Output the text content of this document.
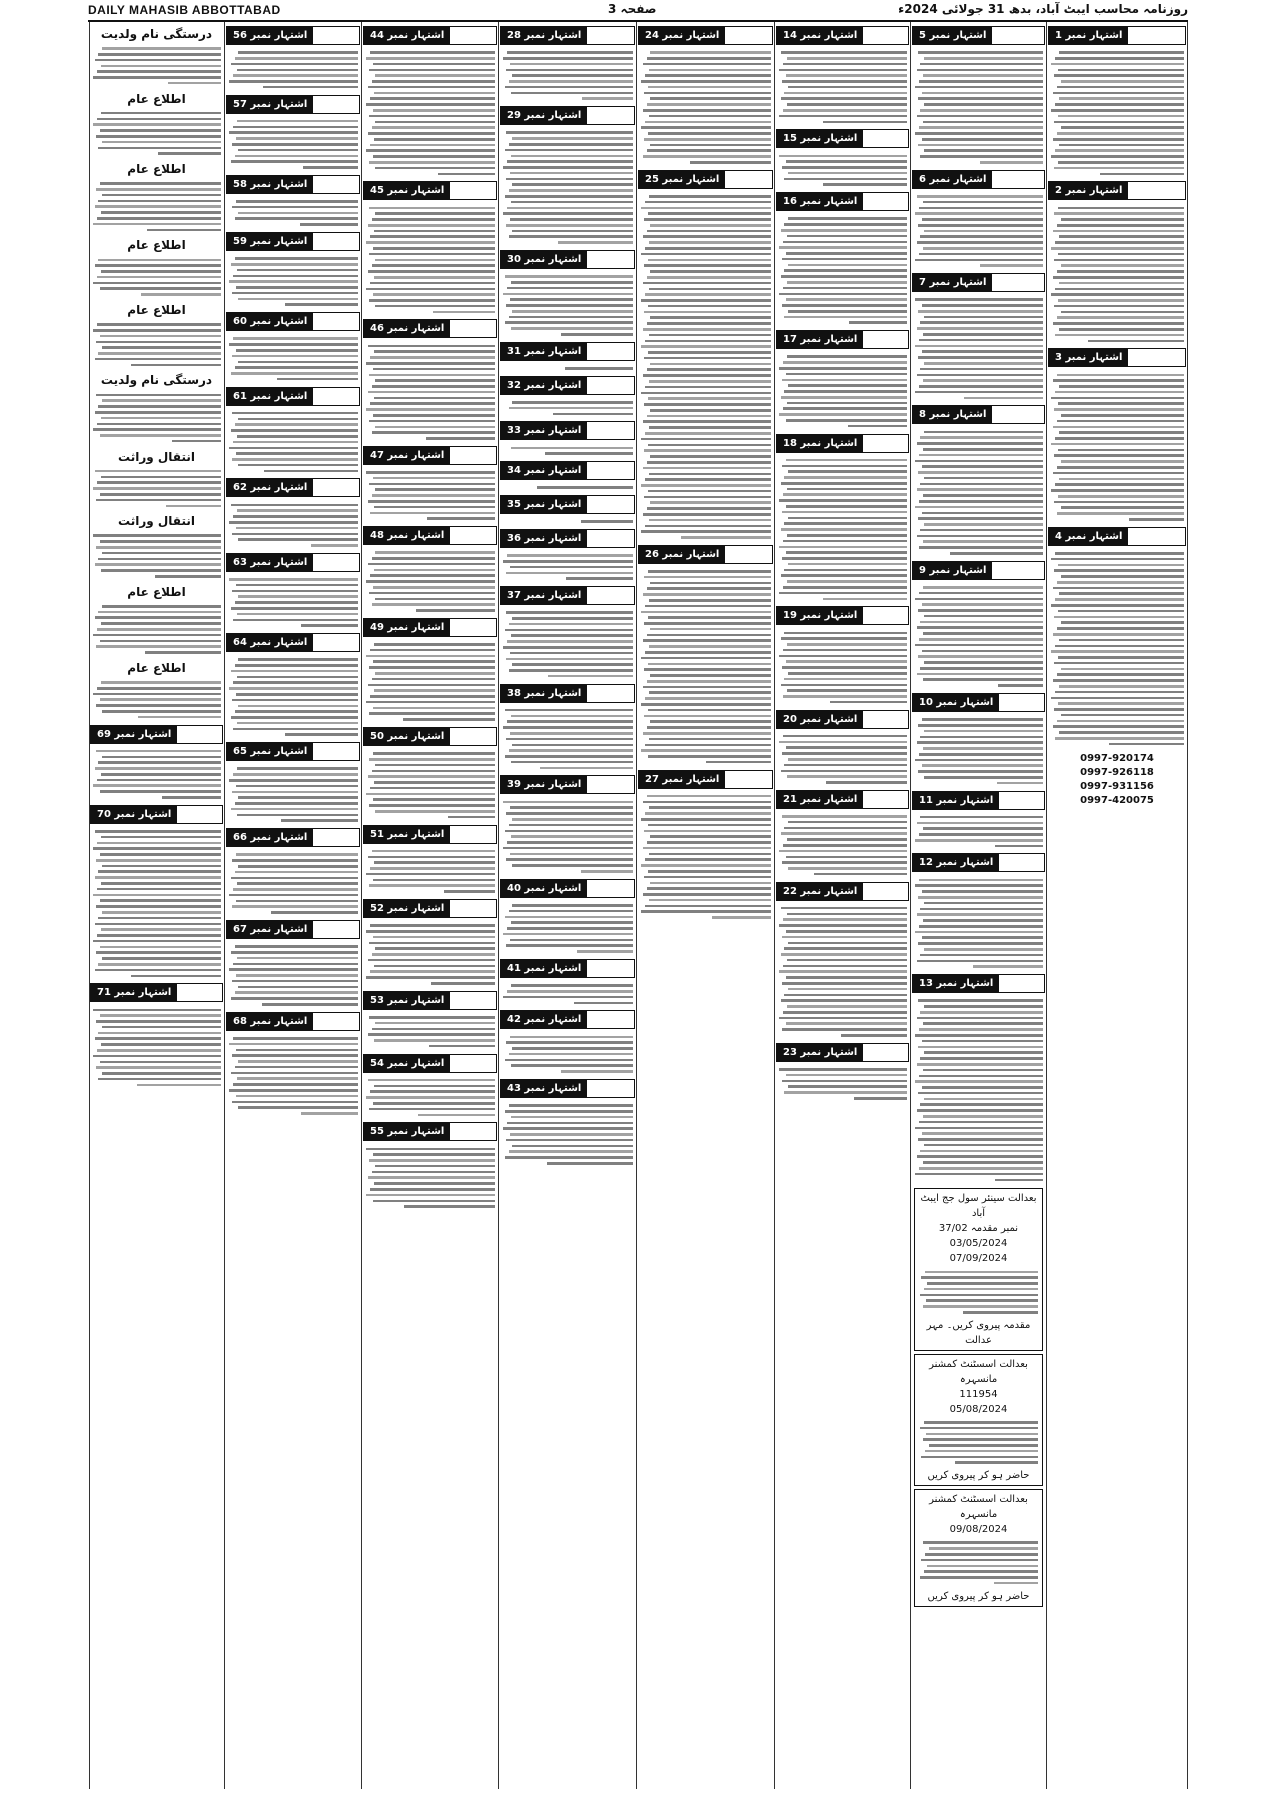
DAILY MAHASIB ABBOTTABAD	صفحہ 3	روزنامہ محاسب ایبٹ آباد، بدھ 31 جولائی 2024ء
اشتہار نمبر 1
اشتہار نمبر 2
اشتہار نمبر 3
اشتہار نمبر 4
0997-920174
0997-926118
0997-931156
0997-420075
اشتہار نمبر 5
اشتہار نمبر 6
اشتہار نمبر 7
اشتہار نمبر 8
اشتہار نمبر 9
اشتہار نمبر 10
اشتہار نمبر 11
اشتہار نمبر 12
اشتہار نمبر 13
بعدالت سینئر سول جج ایبٹ آباد
نمبر مقدمہ 37/02
03/05/2024
07/09/2024
مقدمہ پیروی کریں۔ مہر عدالت
بعدالت اسسٹنٹ کمشنر مانسہرہ
111954
05/08/2024
حاضر ہو کر پیروی کریں
بعدالت اسسٹنٹ کمشنر مانسہرہ
09/08/2024
حاضر ہو کر پیروی کریں
اشتہار نمبر 14
اشتہار نمبر 15
اشتہار نمبر 16
اشتہار نمبر 17
اشتہار نمبر 18
اشتہار نمبر 19
اشتہار نمبر 20
اشتہار نمبر 21
اشتہار نمبر 22
اشتہار نمبر 23
اشتہار نمبر 24
اشتہار نمبر 25
اشتہار نمبر 26
اشتہار نمبر 27
اشتہار نمبر 28
اشتہار نمبر 29
اشتہار نمبر 30
اشتہار نمبر 31
اشتہار نمبر 32
اشتہار نمبر 33
اشتہار نمبر 34
اشتہار نمبر 35
اشتہار نمبر 36
اشتہار نمبر 37
اشتہار نمبر 38
اشتہار نمبر 39
اشتہار نمبر 40
اشتہار نمبر 41
اشتہار نمبر 42
اشتہار نمبر 43
اشتہار نمبر 44
اشتہار نمبر 45
اشتہار نمبر 46
اشتہار نمبر 47
اشتہار نمبر 48
اشتہار نمبر 49
اشتہار نمبر 50
اشتہار نمبر 51
اشتہار نمبر 52
اشتہار نمبر 53
اشتہار نمبر 54
اشتہار نمبر 55
اشتہار نمبر 56
اشتہار نمبر 57
اشتہار نمبر 58
اشتہار نمبر 59
اشتہار نمبر 60
اشتہار نمبر 61
اشتہار نمبر 62
اشتہار نمبر 63
اشتہار نمبر 64
اشتہار نمبر 65
اشتہار نمبر 66
اشتہار نمبر 67
اشتہار نمبر 68
درستگی نام ولدیت
اطلاع عام
اطلاع عام
اطلاع عام
اطلاع عام
درستگی نام ولدیت
انتقال وراثت
انتقال وراثت
اطلاع عام
اطلاع عام
اشتہار نمبر 69
اشتہار نمبر 70
اشتہار نمبر 71
